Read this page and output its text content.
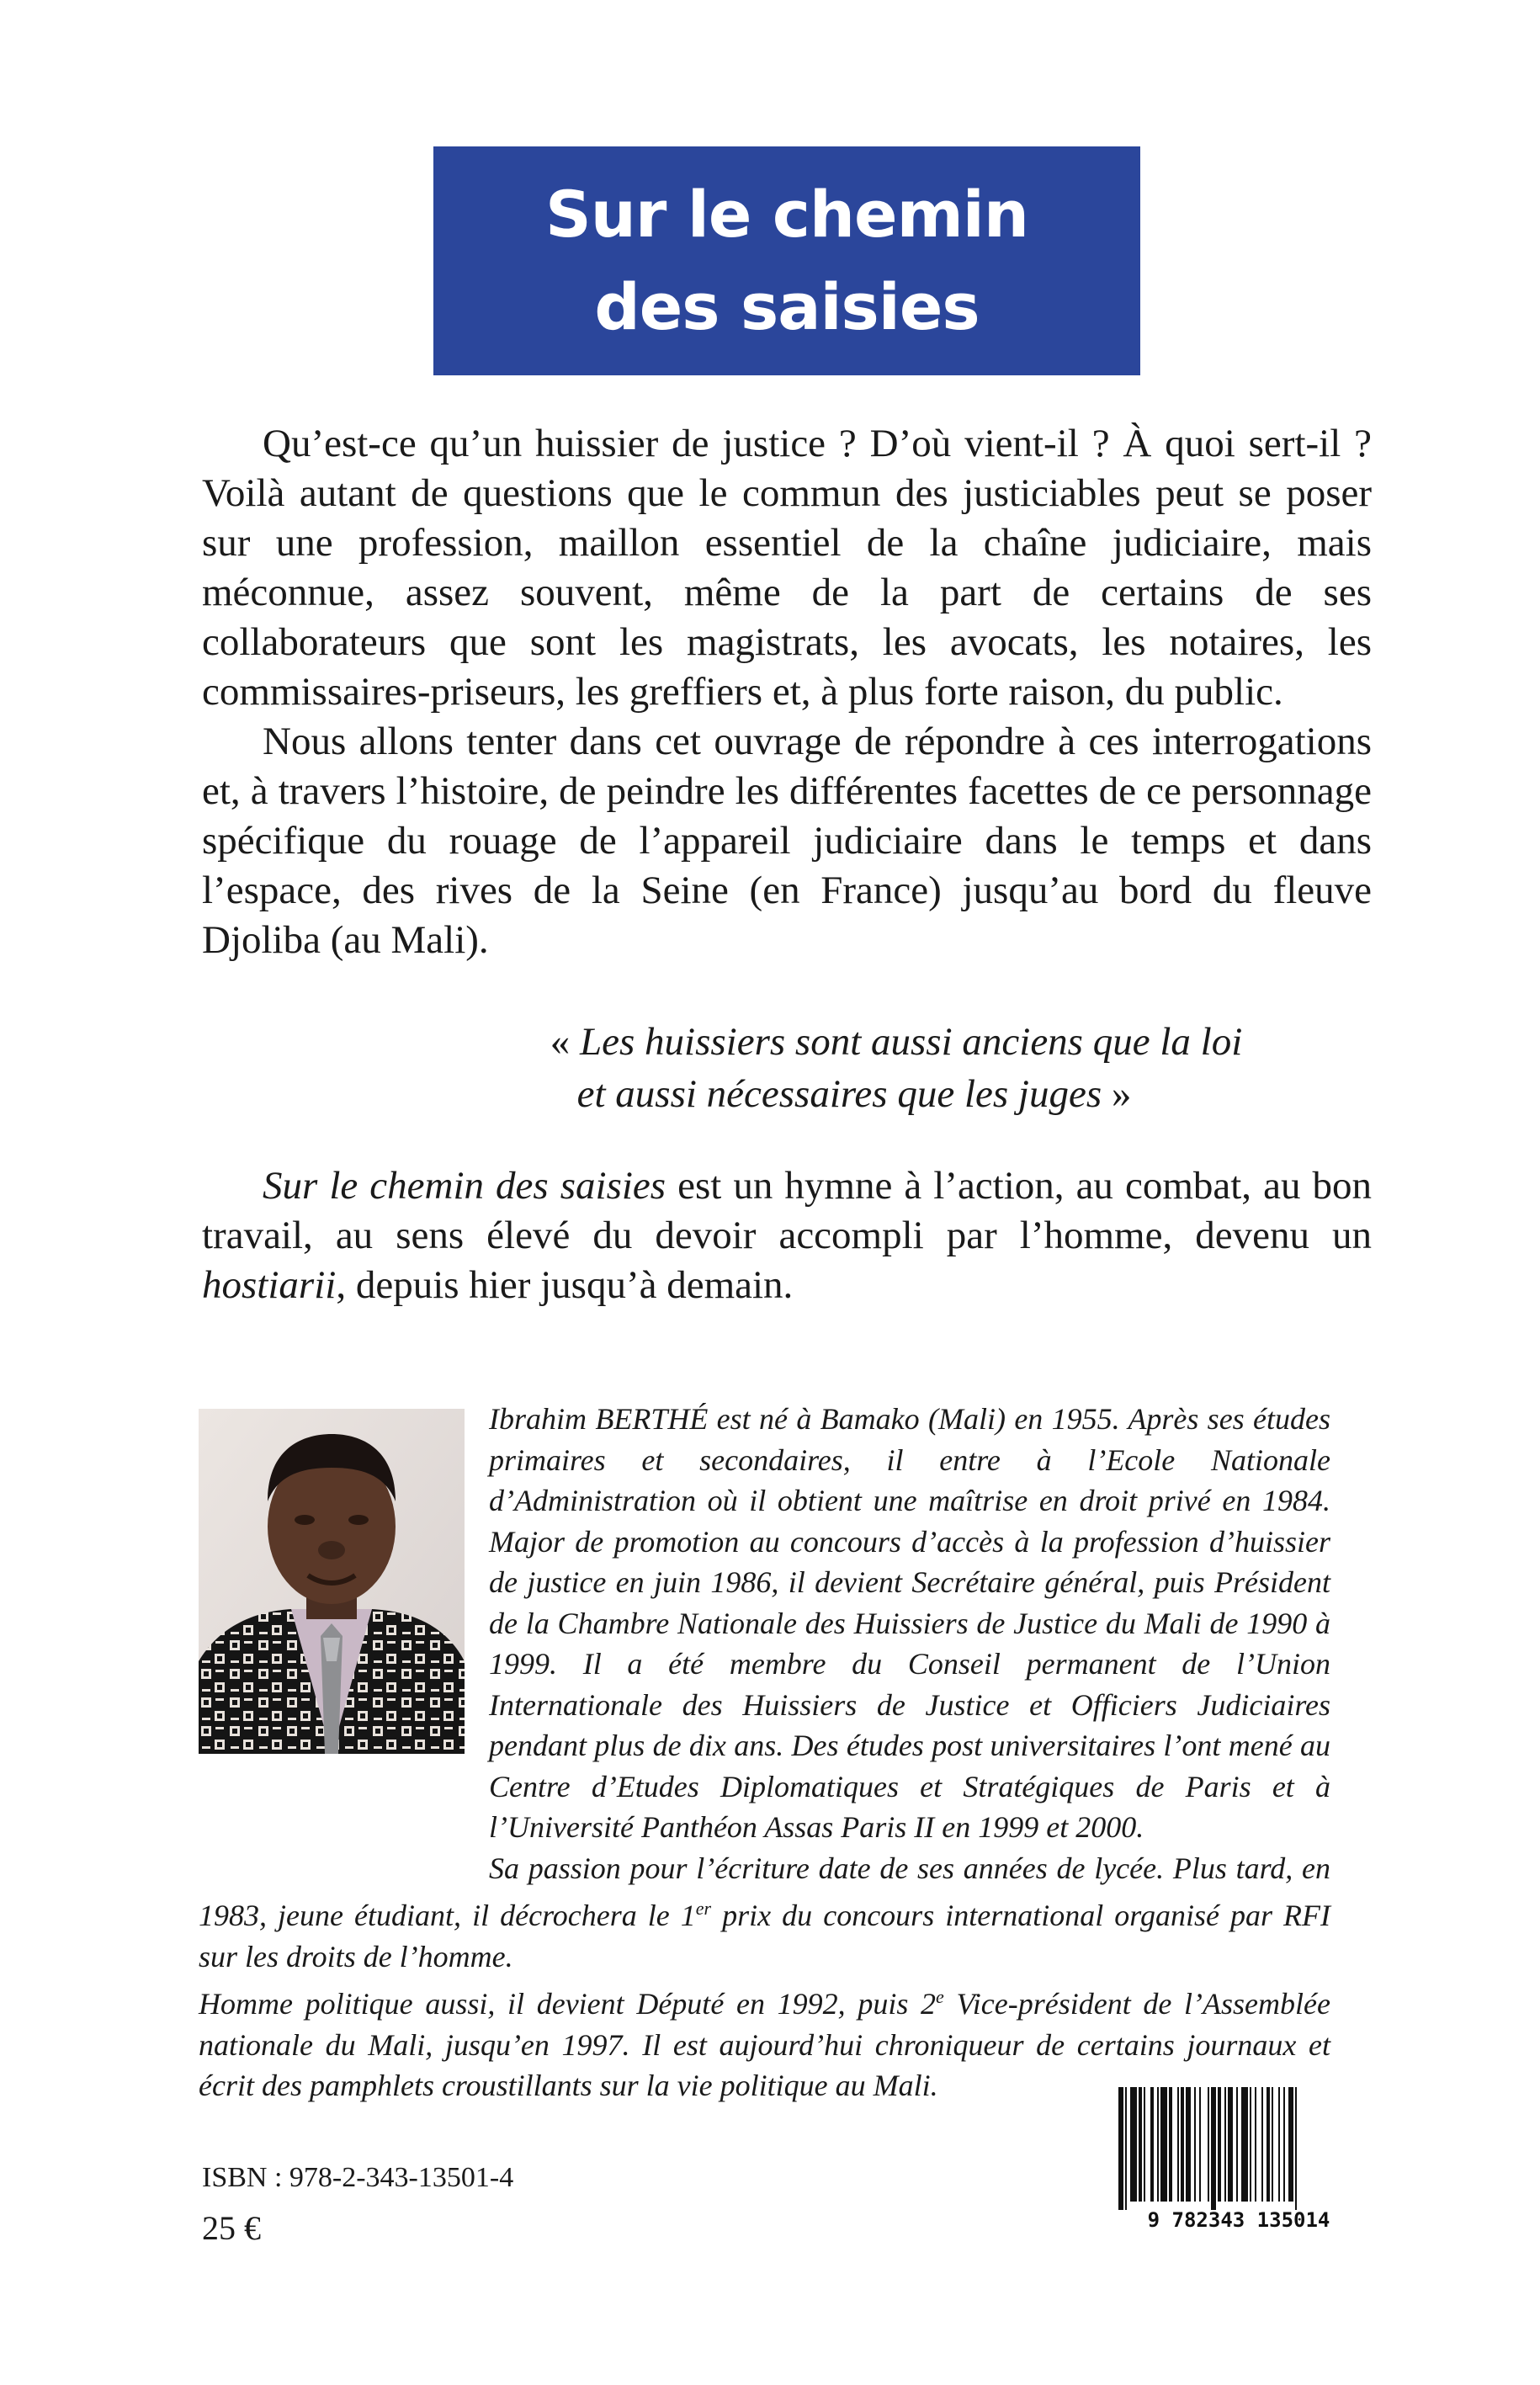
Sur le chemin
des saisies

Qu’est-ce qu’un huissier de justice ? D’où vient-il ? À quoi sert-il ? Voilà autant de questions que le commun des justiciables peut se poser sur une profession, maillon essentiel de la chaîne judiciaire, mais méconnue, assez souvent, même de la part de certains de ses collaborateurs que sont les magistrats, les avocats, les notaires, les commissaires-priseurs, les greffiers et, à plus forte raison, du public.

Nous allons tenter dans cet ouvrage de répondre à ces interrogations et, à travers l’histoire, de peindre les différentes facettes de ce personnage spécifique du rouage de l’appareil judiciaire dans le temps et dans l’espace, des rives de la Seine (en France) jusqu’au bord du fleuve Djoliba (au Mali).

« Les huissiers sont aussi anciens que la loi
et aussi nécessaires que les juges »

Sur le chemin des saisies est un hymne à l’action, au combat, au bon travail, au sens élevé du devoir accompli par l’homme, devenu un hostiarii, depuis hier jusqu’à demain.

Ibrahim BERTHÉ est né à Bamako (Mali) en 1955. Après ses études primaires et secondaires, il entre à l’Ecole Nationale d’Administration où il obtient une maîtrise en droit privé en 1984. Major de promotion au concours d’accès à la profession d’huissier de justice en juin 1986, il devient Secrétaire général, puis Président de la Chambre Nationale des Huissiers de Justice du Mali de 1990 à 1999. Il a été membre du Conseil permanent de l’Union Internationale des Huissiers de Justice et Officiers Judiciaires pendant plus de dix ans. Des études post universitaires l’ont mené au Centre d’Etudes Diplomatiques et Stratégiques de Paris et à l’Université Panthéon Assas Paris II en 1999 et 2000.

Sa passion pour l’écriture date de ses années de lycée. Plus tard, en 1983, jeune étudiant, il décrochera le 1er prix du concours international organisé par RFI sur les droits de l’homme.

Homme politique aussi, il devient Député en 1992, puis 2e Vice-président de l’Assemblée nationale du Mali, jusqu’en 1997. Il est aujourd’hui chroniqueur de certains journaux et écrit des pamphlets croustillants sur la vie politique au Mali.

ISBN : 978-2-343-13501-4
25 €	9 782343 135014
